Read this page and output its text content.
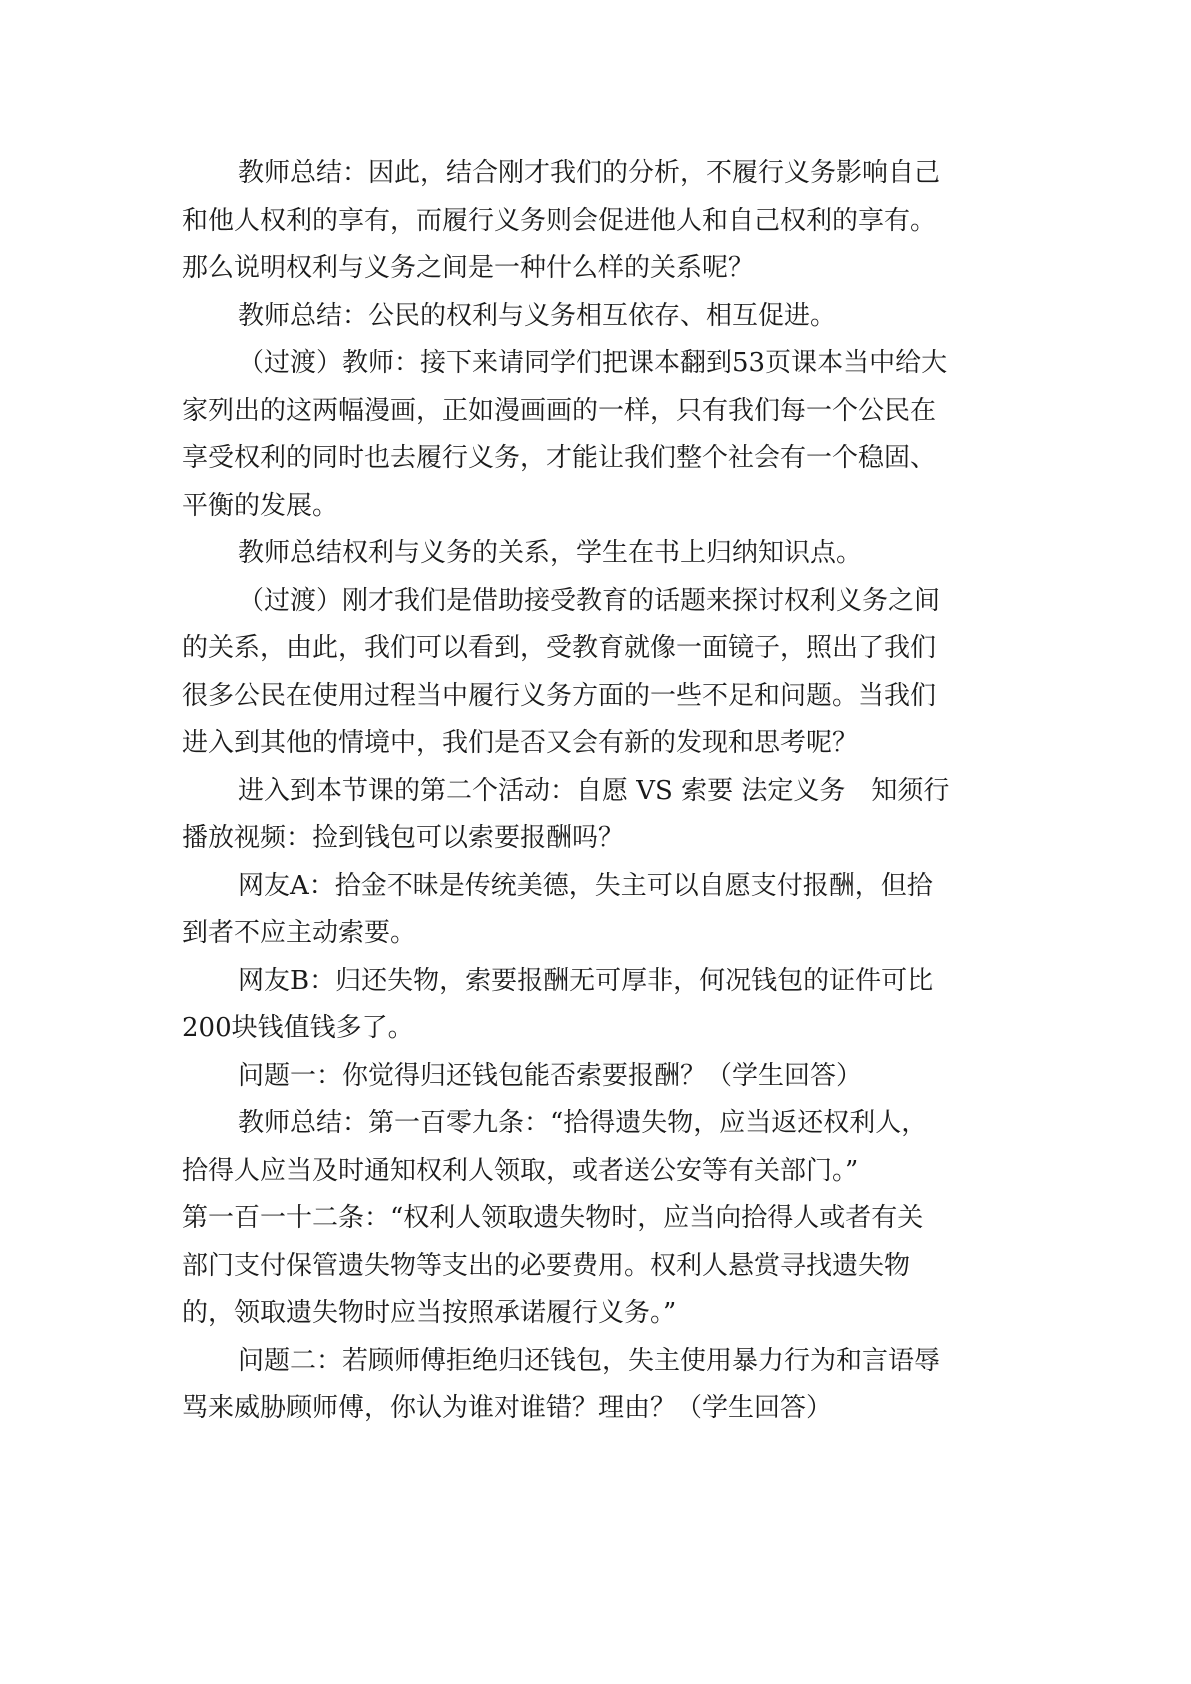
教师总结：因此，结合刚才我们的分析，不履行义务影响自己
和他人权利的享有，而履行义务则会促进他人和自己权利的享有。
那么说明权利与义务之间是一种什么样的关系呢？
教师总结：公民的权利与义务相互依存、相互促进。
（过渡）教师：接下来请同学们把课本翻到53页课本当中给大
家列出的这两幅漫画，正如漫画画的一样，只有我们每一个公民在
享受权利的同时也去履行义务，才能让我们整个社会有一个稳固、
平衡的发展。
教师总结权利与义务的关系，学生在书上归纳知识点。
（过渡）刚才我们是借助接受教育的话题来探讨权利义务之间
的关系，由此，我们可以看到，受教育就像一面镜子，照出了我们
很多公民在使用过程当中履行义务方面的一些不足和问题。当我们
进入到其他的情境中，我们是否又会有新的发现和思考呢？
进入到本节课的第二个活动：自愿 VS 索要 法定义务　知须行
播放视频：捡到钱包可以索要报酬吗？
网友A：拾金不昧是传统美德，失主可以自愿支付报酬，但拾
到者不应主动索要。
网友B：归还失物，索要报酬无可厚非，何况钱包的证件可比
200块钱值钱多了。
问题一：你觉得归还钱包能否索要报酬？（学生回答）
教师总结：第一百零九条：“拾得遗失物，应当返还权利人，
拾得人应当及时通知权利人领取，或者送公安等有关部门。”
第一百一十二条：“权利人领取遗失物时，应当向拾得人或者有关
部门支付保管遗失物等支出的必要费用。权利人悬赏寻找遗失物
的，领取遗失物时应当按照承诺履行义务。”
问题二：若顾师傅拒绝归还钱包，失主使用暴力行为和言语辱
骂来威胁顾师傅，你认为谁对谁错？理由？（学生回答）
